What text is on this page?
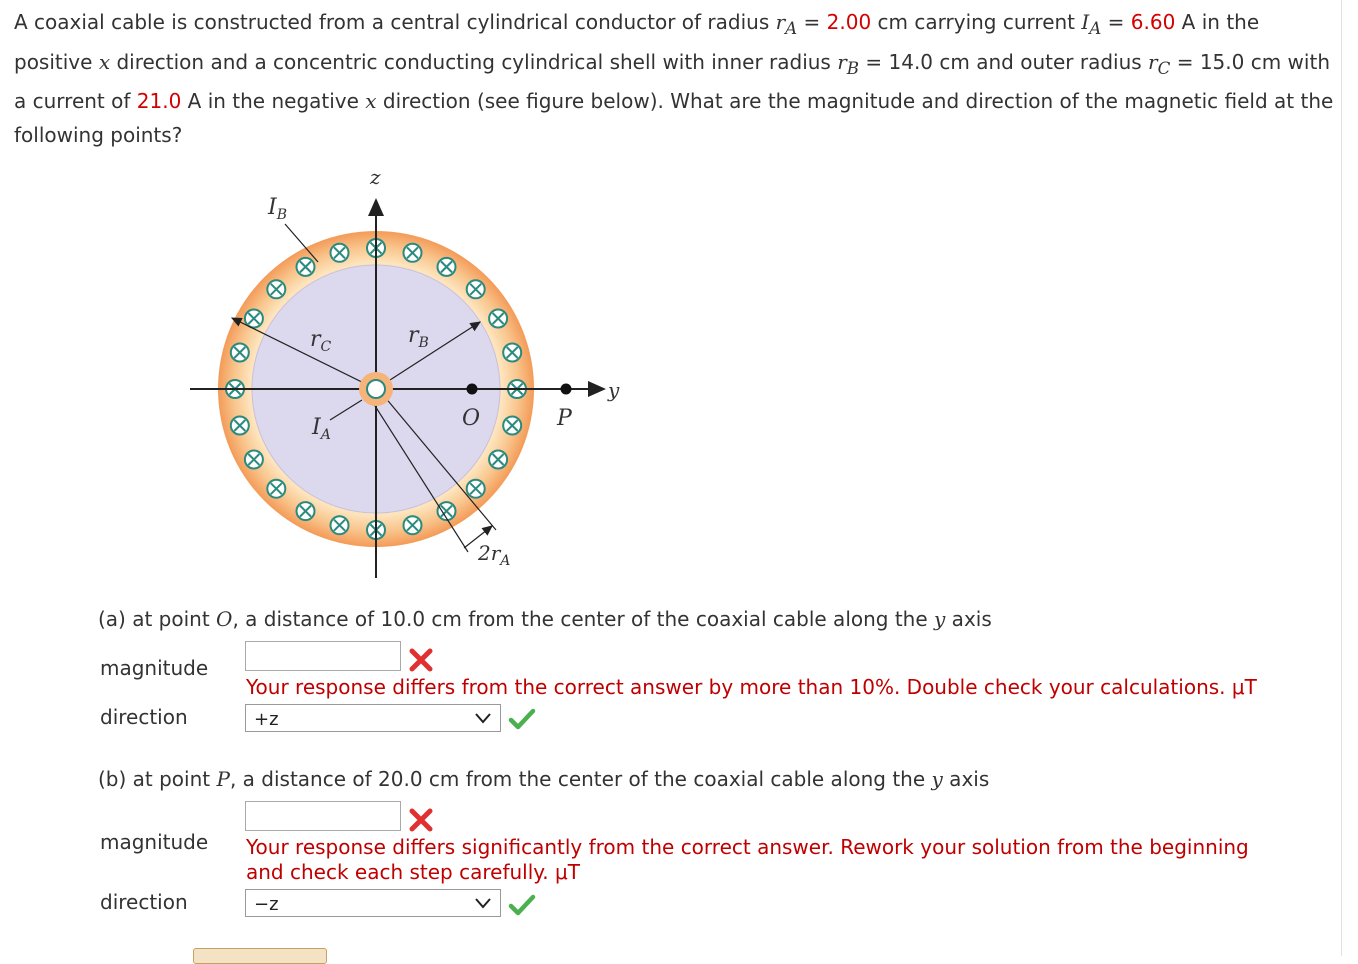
A coaxial cable is constructed from a central cylindrical conductor of radius $r_A = 2.00$ cm carrying current $I_A = 6.60$ A in the positive x direction and a concentric conducting cylindrical shell with inner radius $r_B = 14.0$ cm and outer radius $r_C = 15.0$ cm with a current of 21.0 A in the negative x direction (see figure below). What are the magnitude and direction of the magnetic field at the following points?
z
y
$I_B$
$r_C$	$r_B$
$I_A$
O	P
$2r_A$
(a) at point O, a distance of 10.0 cm from the center of the coaxial cable along the y axis
magnitude
Your response differs from the correct answer by more than 10%. Double check your calculations. μT
direction	+z
(b) at point P, a distance of 20.0 cm from the center of the coaxial cable along the y axis
magnitude Your response differs significantly from the correct answer. Rework your solution from the beginning
and check each step carefully. μT
direction	−z
